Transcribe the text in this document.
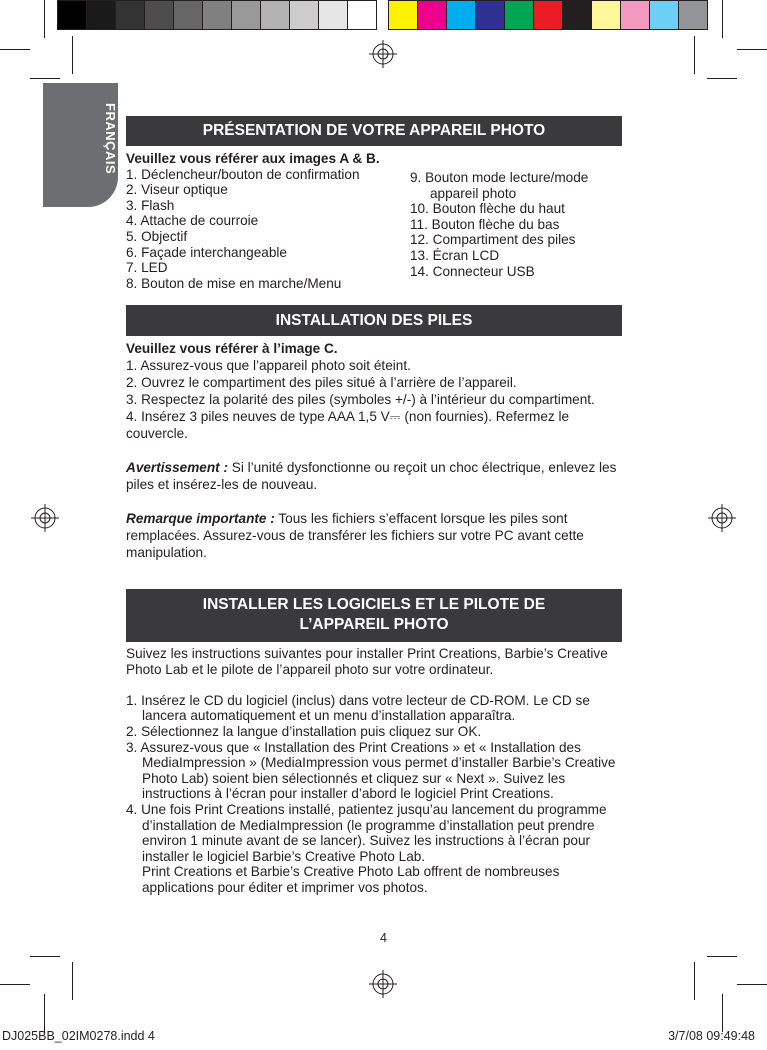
FRANÇAIS	PRÉSENTATION DE VOTRE APPAREIL PHOTO

Veuillez vous référer aux images A & B.

1. Déclencheur/bouton de confirmation

2. Viseur optique

3. Flash

4. Attache de courroie

5. Objectif

6. Façade interchangeable

7. LED

8. Bouton de mise en marche/Menu

9. Bouton mode lecture/mode

appareil photo

10. Bouton flèche du haut

11. Bouton flèche du bas

12. Compartiment des piles

13. Écran LCD

14. Connecteur USB

INSTALLATION DES PILES

Veuillez vous référer à l’image C.

1. Assurez-vous que l’appareil photo soit éteint.

2. Ouvrez le compartiment des piles situé à l’arrière de l’appareil.

3. Respectez la polarité des piles (symboles +/-) à l’intérieur du compartiment.

4. Insérez 3 piles neuves de type AAA 1,5 V⎓ (non fournies). Refermez le couvercle.

Avertissement : Si l’unité dysfonctionne ou reçoit un choc électrique, enlevez les piles et insérez-les de nouveau.

Remarque importante : Tous les fichiers s’effacent lorsque les piles sont remplacées. Assurez-vous de transférer les fichiers sur votre PC avant cette manipulation.

INSTALLER LES LOGICIELS ET LE PILOTE DE
L’APPAREIL PHOTO

Suivez les instructions suivantes pour installer Print Creations, Barbie’s Creative Photo Lab et le pilote de l’appareil photo sur votre ordinateur.

1. Insérez le CD du logiciel (inclus) dans votre lecteur de CD-ROM. Le CD se lancera automatiquement et un menu d’installation apparaîtra.

2. Sélectionnez la langue d’installation puis cliquez sur OK.

3. Assurez-vous que « Installation des Print Creations » et « Installation des MediaImpression » (MediaImpression vous permet d’installer Barbie’s Creative Photo Lab) soient bien sélectionnés et cliquez sur « Next ». Suivez les instructions à l’écran pour installer d’abord le logiciel Print Creations.

4. Une fois Print Creations installé, patientez jusqu’au lancement du programme d’installation de MediaImpression (le programme d’installation peut prendre environ 1 minute avant de se lancer). Suivez les instructions à l’écran pour installer le logiciel Barbie’s Creative Photo Lab.

Print Creations et Barbie’s Creative Photo Lab offrent de nombreuses applications pour éditer et imprimer vos photos.

4
DJ025BB_02IM0278.indd 4	3/7/08 09:49:48
